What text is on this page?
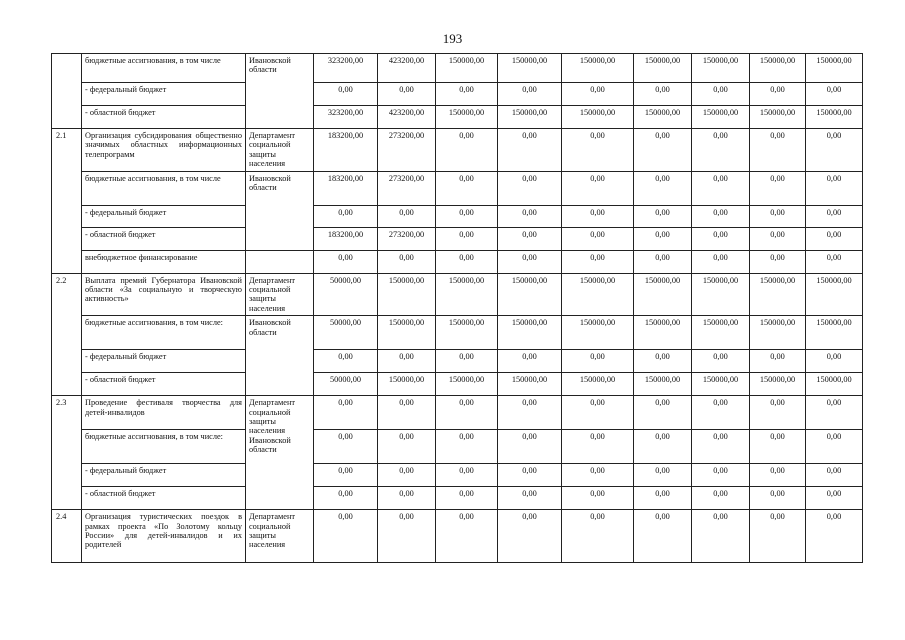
193
	бюджетные ассигнования, в том числе	Ивановской области	323200,00	423200,00	150000,00	150000,00	150000,00	150000,00	150000,00	150000,00	150000,00
	- федеральный бюджет		0,00	0,00	0,00	0,00	0,00	0,00	0,00	0,00	0,00
	- областной бюджет		323200,00	423200,00	150000,00	150000,00	150000,00	150000,00	150000,00	150000,00	150000,00
2.1	Организация субсидирования общественно значимых областных информационных телепрограмм	Департамент социальной защиты населения	183200,00	273200,00	0,00	0,00	0,00	0,00	0,00	0,00	0,00
	бюджетные ассигнования, в том числе	Ивановской области	183200,00	273200,00	0,00	0,00	0,00	0,00	0,00	0,00	0,00
	- федеральный бюджет		0,00	0,00	0,00	0,00	0,00	0,00	0,00	0,00	0,00
	- областной бюджет		183200,00	273200,00	0,00	0,00	0,00	0,00	0,00	0,00	0,00
	внебюджетное финансирование		0,00	0,00	0,00	0,00	0,00	0,00	0,00	0,00	0,00
2.2	Выплата премий Губернатора Ивановской области «За социальную и творческую активность»	Департамент социальной защиты населения	50000,00	150000,00	150000,00	150000,00	150000,00	150000,00	150000,00	150000,00	150000,00
	бюджетные ассигнования, в том числе:	Ивановской области	50000,00	150000,00	150000,00	150000,00	150000,00	150000,00	150000,00	150000,00	150000,00
	- федеральный бюджет		0,00	0,00	0,00	0,00	0,00	0,00	0,00	0,00	0,00
	- областной бюджет		50000,00	150000,00	150000,00	150000,00	150000,00	150000,00	150000,00	150000,00	150000,00
2.3	Проведение фестиваля творчества для детей-инвалидов	Департамент социальной защиты населения Ивановской области	0,00	0,00	0,00	0,00	0,00	0,00	0,00	0,00	0,00
	бюджетные ассигнования, в том числе:		0,00	0,00	0,00	0,00	0,00	0,00	0,00	0,00	0,00
	- федеральный бюджет		0,00	0,00	0,00	0,00	0,00	0,00	0,00	0,00	0,00
	- областной бюджет		0,00	0,00	0,00	0,00	0,00	0,00	0,00	0,00	0,00
2.4	Организация туристических поездок в рамках проекта «По Золотому кольцу России» для детей-инвалидов и их родителей	Департамент социальной защиты населения	0,00	0,00	0,00	0,00	0,00	0,00	0,00	0,00	0,00
